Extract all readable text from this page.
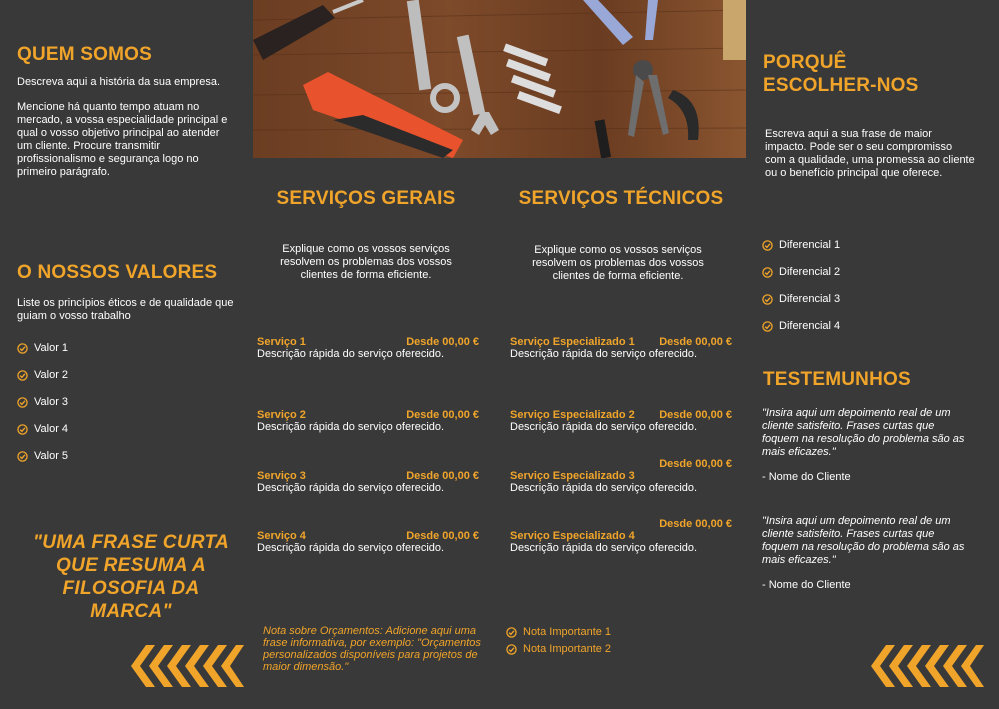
QUEM SOMOS
Descreva aqui a história da sua empresa.
Mencione há quanto tempo atuam no mercado, a vossa especialidade principal e qual o vosso objetivo principal ao atender um cliente. Procure transmitir profissionalismo e segurança logo no primeiro parágrafo.
O NOSSOS VALORES
Liste os princípios éticos e de qualidade que guiam o vosso trabalho
Valor 1
Valor 2
Valor 3
Valor 4
Valor 5
"UMA FRASE CURTA QUE RESUMA A FILOSOFIA DA MARCA"
SERVIÇOS GERAIS
Explique como os vossos serviços resolvem os problemas dos vossos clientes de forma eficiente.
Serviço 1	Desde 00,00 €
Descrição rápida do serviço oferecido.
Serviço 2	Desde 00,00 €
Descrição rápida do serviço oferecido.
Serviço 3	Desde 00,00 €
Descrição rápida do serviço oferecido.
Serviço 4	Desde 00,00 €
Descrição rápida do serviço oferecido.
Nota sobre Orçamentos: Adicione aqui uma frase informativa, por exemplo: "Orçamentos personalizados disponíveis para projetos de maior dimensão."
SERVIÇOS TÉCNICOS
Explique como os vossos serviços resolvem os problemas dos vossos clientes de forma eficiente.
Serviço Especializado 1 Desde 00,00 €
Descrição rápida do serviço oferecido.
Serviço Especializado 2 Desde 00,00 €
Descrição rápida do serviço oferecido.
Desde 00,00 €
Serviço Especializado 3
Descrição rápida do serviço oferecido.
Desde 00,00 €
Serviço Especializado 4
Descrição rápida do serviço oferecido.
Nota Importante 1
Nota Importante 2
PORQUÊ ESCOLHER-NOS
Escreva aqui a sua frase de maior impacto. Pode ser o seu compromisso com a qualidade, uma promessa ao cliente ou o benefício principal que oferece.
Diferencial 1
Diferencial 2
Diferencial 3
Diferencial 4
TESTEMUNHOS
"Insira aqui um depoimento real de um cliente satisfeito. Frases curtas que foquem na resolução do problema são as mais eficazes."
- Nome do Cliente
"Insira aqui um depoimento real de um cliente satisfeito. Frases curtas que foquem na resolução do problema são as mais eficazes."
- Nome do Cliente
